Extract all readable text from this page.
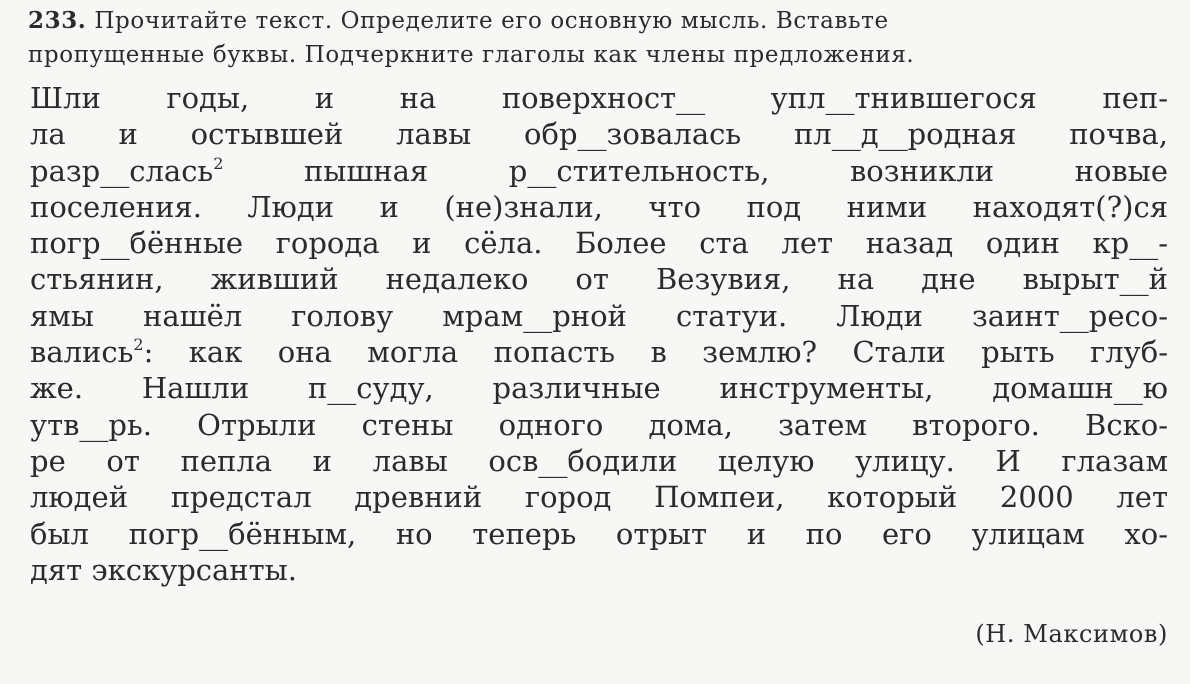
233. Прочитайте текст. Определите его основную мысль. Вставьте
пропущенные буквы. Подчеркните глаголы как члены предложения.
Шли годы, и на поверхност__ упл__тнившегося пеп-
ла и остывшей лавы обр__зовалась пл__д__родная почва,
разр__слась$^2$ пышная р__стительность, возникли новые
поселения. Люди и (не)знали, что под ними находят(?)ся
погр__бённые города и сёла. Более ста лет назад один кр__-
стьянин, живший недалеко от Везувия, на дне вырыт__й
ямы нашёл голову мрам__рной статуи. Люди заинт__ресо-
вались$^2$: как она могла попасть в землю? Стали рыть глуб-
же. Нашли п__суду, различные инструменты, домашн__ю
утв__рь. Отрыли стены одного дома, затем второго. Вско-
ре от пепла и лавы осв__бодили целую улицу. И глазам
людей предстал древний город Помпеи, который 2000 лет
был погр__бённым, но теперь отрыт и по его улицам хо-
дят экскурсанты.
(Н. Максимов)
